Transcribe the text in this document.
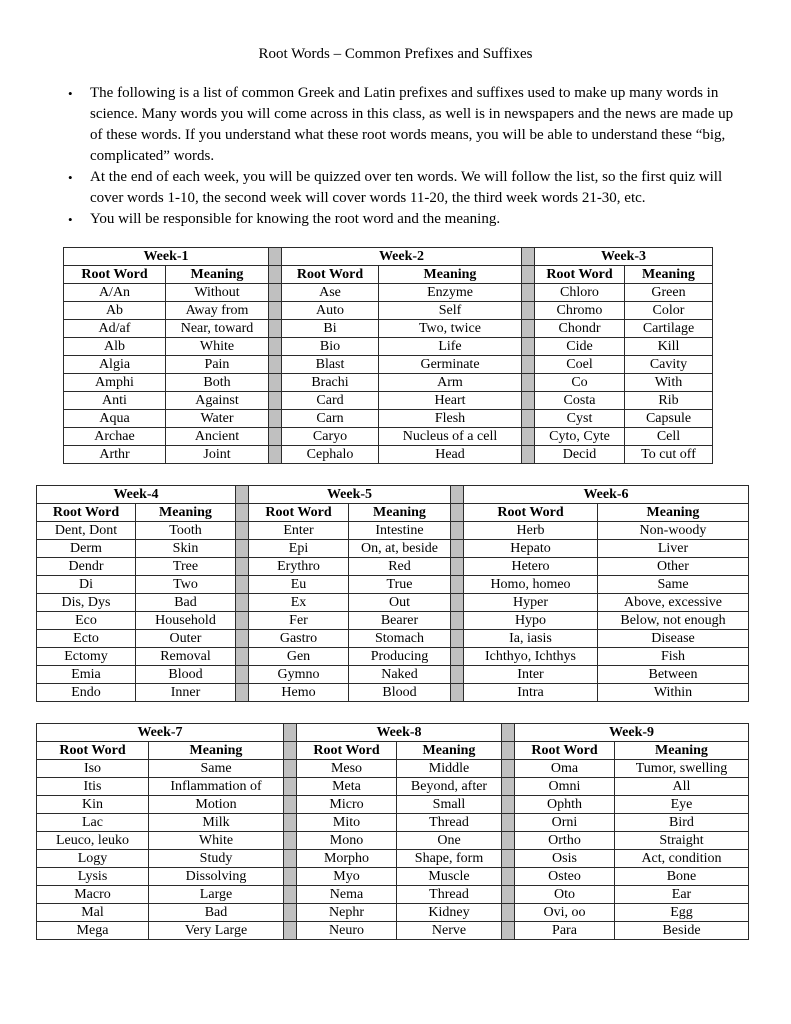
Root Words – Common Prefixes and Suffixes
•	The following is a list of common Greek and Latin prefixes and suffixes used to make up many words in science. Many words you will come across in this class, as well is in newspapers and the news are made up of these words. If you understand what these root words means, you will be able to understand these “big, complicated” words.
•	At the end of each week, you will be quizzed over ten words. We will follow the list, so the first quiz will cover words 1-10, the second week will cover words 11-20, the third week words 21-30, etc.
•	You will be responsible for knowing the root word and the meaning.
Week-1			Week-2			Week-3	
Root Word	Meaning		Root Word	Meaning		Root Word	Meaning
A/An	Without		Ase	Enzyme		Chloro	Green
Ab	Away from		Auto	Self		Chromo	Color
Ad/af	Near, toward		Bi	Two, twice		Chondr	Cartilage
Alb	White		Bio	Life		Cide	Kill
Algia	Pain		Blast	Germinate		Coel	Cavity
Amphi	Both		Brachi	Arm		Co	With
Anti	Against		Card	Heart		Costa	Rib
Aqua	Water		Carn	Flesh		Cyst	Capsule
Archae	Ancient		Caryo	Nucleus of a cell		Cyto, Cyte	Cell
Arthr	Joint		Cephalo	Head		Decid	To cut off
Week-4			Week-5			Week-6	
Root Word	Meaning		Root Word	Meaning		Root Word	Meaning
Dent, Dont	Tooth		Enter	Intestine		Herb	Non-woody
Derm	Skin		Epi	On, at, beside		Hepato	Liver
Dendr	Tree		Erythro	Red		Hetero	Other
Di	Two		Eu	True		Homo, homeo	Same
Dis, Dys	Bad		Ex	Out		Hyper	Above, excessive
Eco	Household		Fer	Bearer		Hypo	Below, not enough
Ecto	Outer		Gastro	Stomach		Ia, iasis	Disease
Ectomy	Removal		Gen	Producing		Ichthyo, Ichthys	Fish
Emia	Blood		Gymno	Naked		Inter	Between
Endo	Inner		Hemo	Blood		Intra	Within
Week-7			Week-8			Week-9	
Root Word	Meaning		Root Word	Meaning		Root Word	Meaning
Iso	Same		Meso	Middle		Oma	Tumor, swelling
Itis	Inflammation of		Meta	Beyond, after		Omni	All
Kin	Motion		Micro	Small		Ophth	Eye
Lac	Milk		Mito	Thread		Orni	Bird
Leuco, leuko	White		Mono	One		Ortho	Straight
Logy	Study		Morpho	Shape, form		Osis	Act, condition
Lysis	Dissolving		Myo	Muscle		Osteo	Bone
Macro	Large		Nema	Thread		Oto	Ear
Mal	Bad		Nephr	Kidney		Ovi, oo	Egg
Mega	Very Large		Neuro	Nerve		Para	Beside
